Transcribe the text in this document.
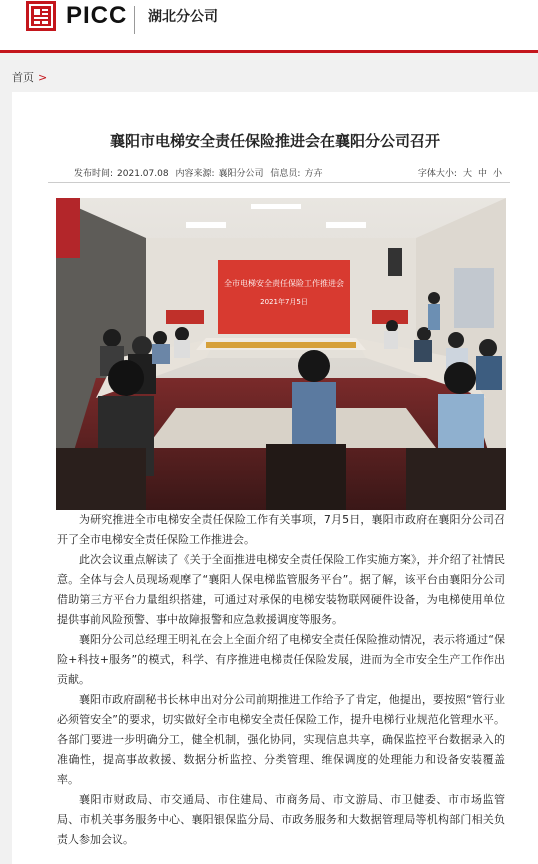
PICC 湖北分公司
首页 >
襄阳市电梯安全责任保险推进会在襄阳分公司召开
发布时间: 2021.07.08 内容来源: 襄阳分公司 信息员: 方卉	字体大小: 大 中 小
全市电梯安全责任保险工作推进会
2021年7月5日

为研究推进全市电梯安全责任保险工作有关事项，7月5日，襄阳市政府在襄阳分公司召开了全市电梯安全责任保险工作推进会。

此次会议重点解读了《关于全面推进电梯安全责任保险工作实施方案》，并介绍了社情民意。全体与会人员现场观摩了“襄阳人保电梯监管服务平台”。据了解，该平台由襄阳分公司借助第三方平台力量组织搭建，可通过对承保的电梯安装物联网硬件设备，为电梯使用单位提供事前风险预警、事中故障报警和应急救援调度等服务。

襄阳分公司总经理王明礼在会上全面介绍了电梯安全责任保险推动情况，表示将通过“保险+科技+服务”的模式，科学、有序推进电梯责任保险发展，进而为全市安全生产工作作出贡献。

襄阳市政府副秘书长林申出对分公司前期推进工作给予了肯定，他提出，要按照“管行业必须管安全”的要求，切实做好全市电梯安全责任保险工作，提升电梯行业规范化管理水平。各部门要进一步明确分工，健全机制，强化协同，实现信息共享，确保监控平台数据录入的准确性，提高事故救援、数据分析监控、分类管理、维保调度的处理能力和设备安装覆盖率。

襄阳市财政局、市交通局、市住建局、市商务局、市文游局、市卫健委、市市场监管局、市机关事务服务中心、襄阳银保监分局、市政务服务和大数据管理局等机构部门相关负责人参加会议。
